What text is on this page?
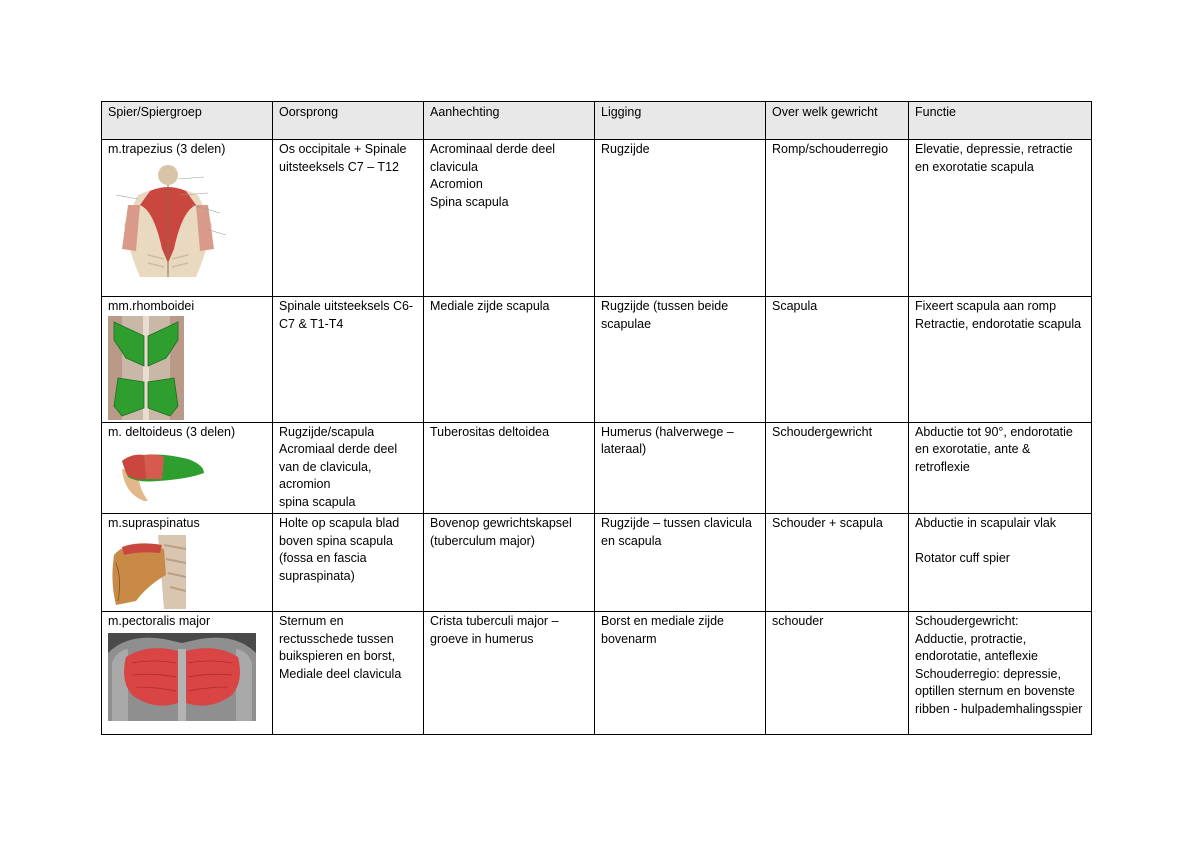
Spier/Spiergroep	Oorsprong	Aanhechting	Ligging	Over welk gewricht	Functie

m.trapezius (3 delen)	Os occipitale + Spinale uitsteeksels C7 – T12	Acrominaal derde deel clavicula
Acromion
Spina scapula	Rugzijde	Romp/schouderregio	Elevatie, depressie, retractie en exorotatie scapula

mm.rhomboidei	Spinale uitsteeksels C6-C7 & T1-T4	Mediale zijde scapula	Rugzijde (tussen beide scapulae	Scapula	Fixeert scapula aan romp
Retractie, endorotatie scapula

m. deltoideus (3 delen)	Rugzijde/scapula
Acromiaal derde deel van de clavicula, acromion
spina scapula	Tuberositas deltoidea	Humerus (halverwege – lateraal)	Schoudergewricht	Abductie tot 90°, endorotatie en exorotatie, ante & retroflexie

m.supraspinatus	Holte op scapula blad boven spina scapula (fossa en fascia supraspinata)	Bovenop gewrichtskapsel (tuberculum major)	Rugzijde – tussen clavicula en scapula	Schouder + scapula	Abductie in scapulair vlak
Rotator cuff spier

m.pectoralis major	Sternum en rectusschede tussen buikspieren en borst, Mediale deel clavicula	Crista tuberculi major – groeve in humerus	Borst en mediale zijde bovenarm	schouder	Schoudergewricht:
Adductie, protractie, endorotatie, anteflexie
Schouderregio: depressie, optillen sternum en bovenste ribben - hulpademhalingsspier
